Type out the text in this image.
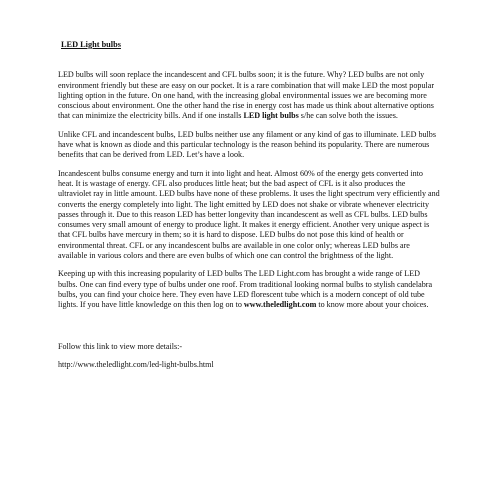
LED Light bulbs

LED bulbs will soon replace the incandescent and CFL bulbs soon; it is the future. Why? LED bulbs are not only environment friendly but these are easy on our pocket. It is a rare combination that will make LED the most popular lighting option in the future. On one hand, with the increasing global environmental issues we are becoming more conscious about environment. One the other hand the rise in energy cost has made us think about alternative options that can minimize the electricity bills. And if one installs LED light bulbs s/he can solve both the issues.

Unlike CFL and incandescent bulbs, LED bulbs neither use any filament or any kind of gas to illuminate. LED bulbs have what is known as diode and this particular technology is the reason behind its popularity. There are numerous benefits that can be derived from LED. Let’s have a look.

Incandescent bulbs consume energy and turn it into light and heat. Almost 60% of the energy gets converted into heat. It is wastage of energy. CFL also produces little heat; but the bad aspect of CFL is it also produces the ultraviolet ray in little amount. LED bulbs have none of these problems. It uses the light spectrum very efficiently and converts the energy completely into light. The light emitted by LED does not shake or vibrate whenever electricity passes through it. Due to this reason LED has better longevity than incandescent as well as CFL bulbs. LED bulbs consumes very small amount of energy to produce light. It makes it energy efficient. Another very unique aspect is that CFL bulbs have mercury in them; so it is hard to dispose. LED bulbs do not pose this kind of health or environmental threat. CFL or any incandescent bulbs are available in one color only; whereas LED bulbs are available in various colors and there are even bulbs of which one can control the brightness of the light.

Keeping up with this increasing popularity of LED bulbs The LED Light.com has brought a wide range of LED bulbs. One can find every type of bulbs under one roof. From traditional looking normal bulbs to stylish candelabra bulbs, you can find your choice here. They even have LED florescent tube which is a modern concept of old tube lights. If you have little knowledge on this then log on to www.theledlight.com to know more about your choices.

Follow this link to view more details:-

http://www.theledlight.com/led-light-bulbs.html
